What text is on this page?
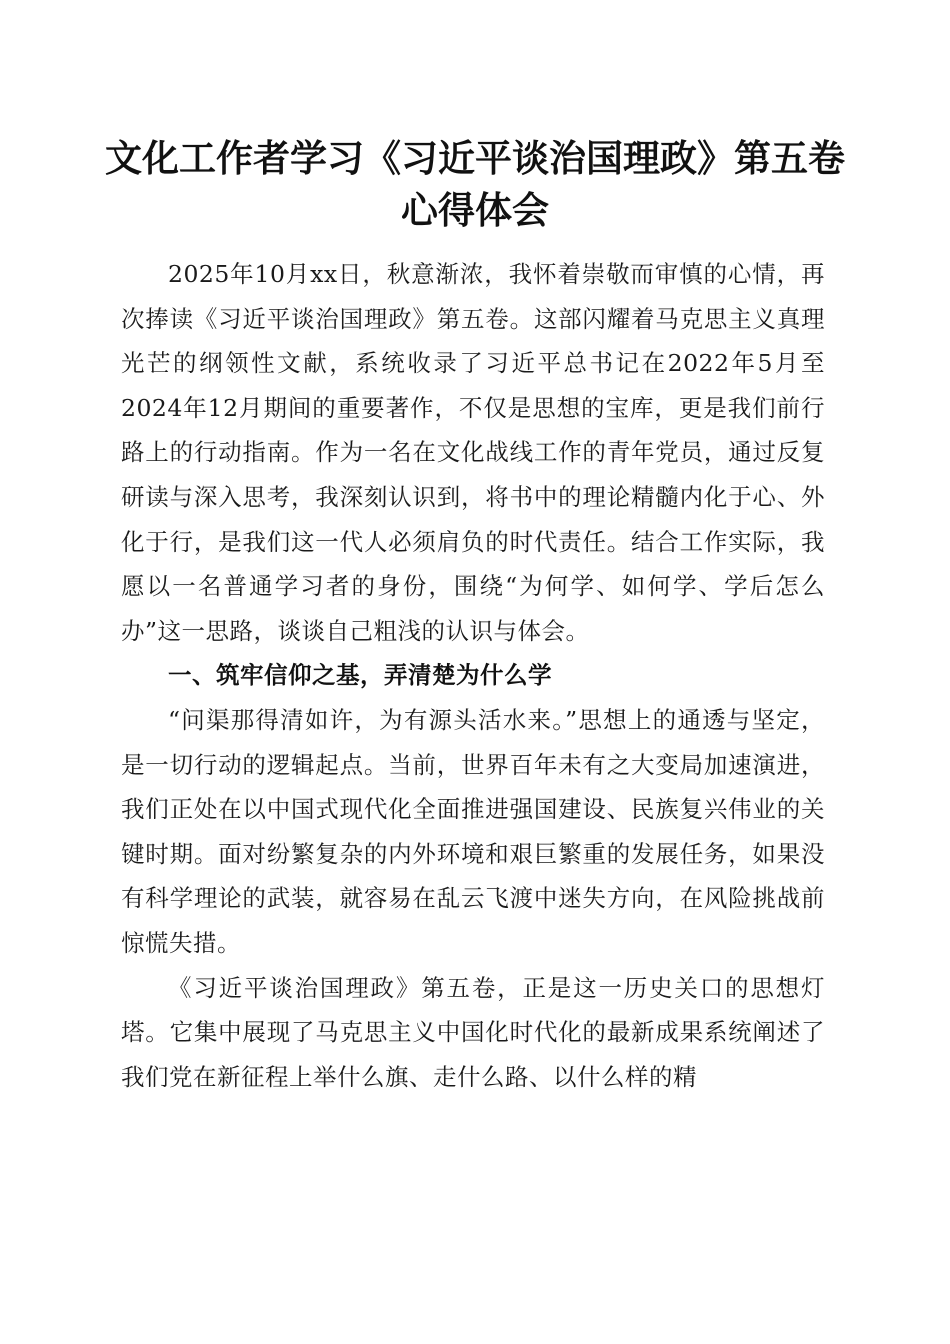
文化工作者学习《习近平谈治国理政》第五卷
心得体会

2025年10月xx日，秋意渐浓，我怀着崇敬而审慎的心情，再次捧读《习近平谈治国理政》第五卷。这部闪耀着马克思主义真理光芒的纲领性文献，系统收录了习近平总书记在2022年5月至2024年12月期间的重要著作，不仅是思想的宝库，更是我们前行路上的行动指南。作为一名在文化战线工作的青年党员，通过反复研读与深入思考，我深刻认识到，将书中的理论精髓内化于心、外化于行，是我们这一代人必须肩负的时代责任。结合工作实际，我愿以一名普通学习者的身份，围绕“为何学、如何学、学后怎么办”这一思路，谈谈自己粗浅的认识与体会。

一、筑牢信仰之基，弄清楚为什么学

“问渠那得清如许，为有源头活水来。”思想上的通透与坚定，是一切行动的逻辑起点。当前，世界百年未有之大变局加速演进，我们正处在以中国式现代化全面推进强国建设、民族复兴伟业的关键时期。面对纷繁复杂的内外环境和艰巨繁重的发展任务，如果没有科学理论的武装，就容易在乱云飞渡中迷失方向，在风险挑战前惊慌失措。

《习近平谈治国理政》第五卷，正是这一历史关口的思想灯塔。它集中展现了马克思主义中国化时代化的最新成果系统阐述了我们党在新征程上举什么旗、走什么路、以什么样的精
